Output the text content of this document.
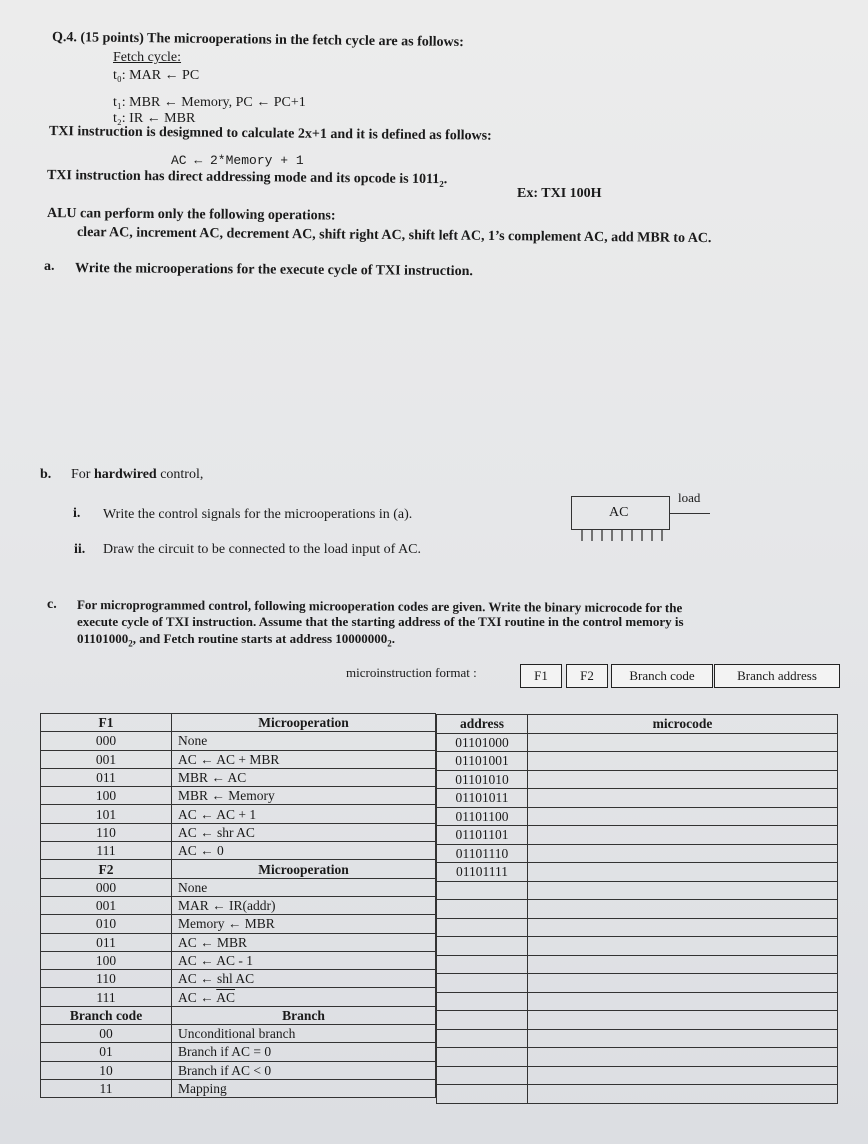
Q.4. (15 points) The microoperations in the fetch cycle are as follows:
Fetch cycle:
t₀: MAR ← PC
t₁: MBR ← Memory, PC ← PC+1
t₂: IR ← MBR
TXI instruction is desigmned to calculate 2x+1 and it is defined as follows:
AC ← 2*Memory + 1
TXI instruction has direct addressing mode and its opcode is $1011_2$.
Ex: TXI 100H
ALU can perform only the following operations:
clear AC, increment AC, decrement AC, shift right AC, shift left AC, 1’s complement AC, add MBR to AC.
a. Write the microoperations for the execute cycle of TXI instruction.
b. For hardwired control,
i. Write the control signals for the microoperations in (a).
ii. Draw the circuit to be connected to the load input of AC.
AC
load
c. For microprogrammed control, following microoperation codes are given. Write the binary microcode for the
execute cycle of TXI instruction. Assume that the starting address of the TXI routine in the control memory is
$01101000_2$, and Fetch routine starts at address $10000000_2$.
microinstruction format :	F1	F2	Branch code	Branch address
F1	Microoperation
000	None
001	AC ← AC + MBR
011	MBR ← AC
100	MBR ← Memory
101	AC ← AC + 1
110	AC ← shr AC
111	AC ← 0
F2	Microoperation
000	None
001	MAR ← IR(addr)
010	Memory ← MBR
011	AC ← MBR
100	AC ← AC - 1
110	AC ← shl AC
111	AC ← $\overline{AC}$
Branch code	Branch
00	Unconditional branch
01	Branch if AC = 0
10	Branch if AC < 0
11	Mapping
address	microcode
01101000	
01101001	
01101010	
01101011	
01101100	
01101101	
01101110	
01101111	
